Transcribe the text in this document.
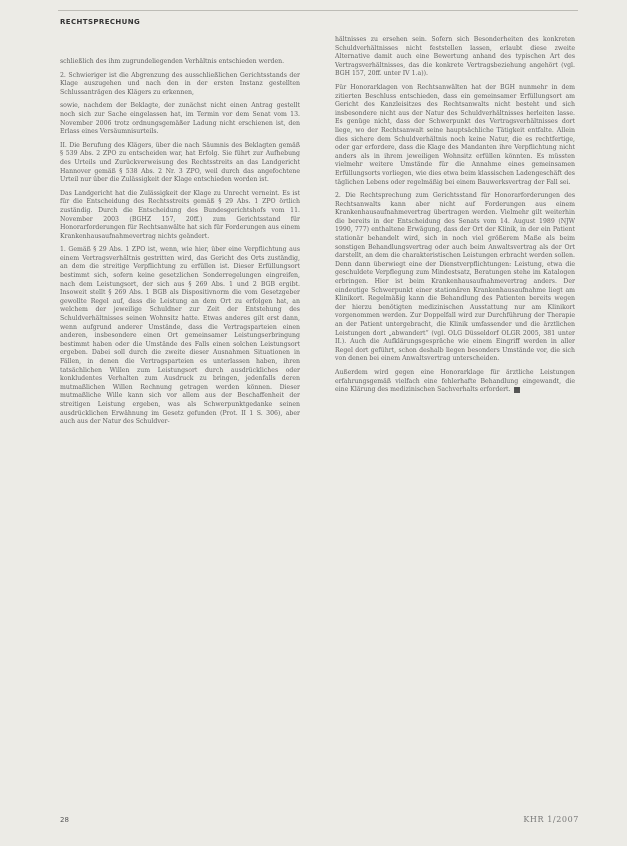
RECHTSPRECHUNG

schließlich des ihm zugrundeliegenden Verhältnis entschieden werden.

2. Schwieriger ist die Abgrenzung des ausschließlichen Gerichtsstands der Klage auszugehen und nach den in der ersten Instanz gestellten Schlussanträgen des Klägers zu erkennen,

sowie, nachdem der Beklagte, der zunächst nicht einen Antrag gestellt noch sich zur Sache eingelassen hat, im Termin vor dem Senat vom 13. November 2006 trotz ordnungsgemäßer Ladung nicht erschienen ist, den Erlass eines Versäumnisurteils.

II. Die Berufung des Klägers, über die nach Säumnis des Beklagten gemäß § 539 Abs. 2 ZPO zu entscheiden war, hat Erfolg. Sie führt zur Aufhebung des Urteils und Zurückverweisung des Rechtsstreits an das Landgericht Hannover gemäß § 538 Abs. 2 Nr. 3 ZPO, weil durch das angefochtene Urteil nur über die Zulässigkeit der Klage entschieden worden ist.

Das Landgericht hat die Zulässigkeit der Klage zu Unrecht verneint. Es ist für die Entscheidung des Rechtsstreits gemäß § 29 Abs. 1 ZPO örtlich zuständig. Durch die Entscheidung des Bundesgerichtshofs vom 11. November 2003 (BGHZ 157, 20ff.) zum Gerichtsstand für Honorarforderungen für Rechtsanwälte hat sich für Forderungen aus einem Krankenhausaufnahmevertrag nichts geändert.

1. Gemäß § 29 Abs. 1 ZPO ist, wenn, wie hier, über eine Verpflichtung aus einem Vertragsverhältnis gestritten wird, das Gericht des Orts zuständig, an dem die streitige Verpflichtung zu erfüllen ist. Dieser Erfüllungsort bestimmt sich, sofern keine gesetzlichen Sonderregelungen eingreifen, nach dem Leistungsort, der sich aus § 269 Abs. 1 und 2 BGB ergibt. Insoweit stellt § 269 Abs. 1 BGB als Dispositivnorm die vom Gesetzgeber gewollte Regel auf, dass die Leistung an dem Ort zu erfolgen hat, an welchem der jeweilige Schuldner zur Zeit der Entstehung des Schuldverhältnisses seinen Wohnsitz hatte. Etwas anderes gilt erst dann, wenn aufgrund anderer Umstände, dass die Vertragsparteien einen anderen, insbesondere einen Ort gemeinsamer Leistungserbringung bestimmt haben oder die Umstände des Falls einen solchen Leistungsort ergeben. Dabei soll durch die zweite dieser Ausnahmen Situationen in Fällen, in denen die Vertragsparteien es unterlassen haben, ihren tatsächlichen Willen zum Leistungsort durch ausdrückliches oder konkludentes Verhalten zum Ausdruck zu bringen, jedenfalls deren mutmaßlichen Willen Rechnung getragen werden können. Dieser mutmaßliche Wille kann sich vor allem aus der Beschaffenheit der streitigen Leistung ergeben, was als Schwerpunktgedanke seinen ausdrücklichen Erwähnung im Gesetz gefunden (Prot. II 1 S. 306), aber auch aus der Natur des Schuldver-

hältnisses zu ersehen sein. Sofern sich Besonderheiten des konkreten Schuldverhältnisses nicht feststellen lassen, erlaubt diese zweite Alternative damit auch eine Bewertung anhand des typischen Art des Vertragsverhältnisses, das die konkrete Vertragsbeziehung angehört (vgl. BGH 157, 20ff. unter IV 1.a)).

Für Honorarklagen von Rechtsanwälten hat der BGH nunmehr in dem zitierten Beschluss entschieden, dass ein gemeinsamer Erfüllungsort am Gericht des Kanzleisitzes des Rechtsanwalts nicht besteht und sich insbesondere nicht aus der Natur des Schuldverhältnisses herleiten lasse. Es genüge nicht, dass der Schwerpunkt des Vertragsverhältnisses dort liege, wo der Rechtsanwalt seine hauptsächliche Tätigkeit entfalte. Allein dies sichere dem Schuldverhältnis noch keine Natur, die es rechtfertige, oder gar erfordere, dass die Klage des Mandanten ihre Verpflichtung nicht anders als in ihrem jeweiligen Wohnsitz erfüllen könnten. Es müssten vielmehr weitere Umstände für die Annahme eines gemeinsamen Erfüllungsorts vorliegen, wie dies etwa beim klassischen Ladengeschäft des täglichen Lebens oder regelmäßig bei einem Bauwerksvertrag der Fall sei.

2. Die Rechtsprechung zum Gerichtsstand für Honorarforderungen des Rechtsanwalts kann aber nicht auf Forderungen aus einem Krankenhausaufnahmevertrag übertragen werden. Vielmehr gilt weiterhin die bereits in der Entscheidung des Senats vom 14. August 1989 (NJW 1990, 777) enthaltene Erwägung, dass der Ort der Klinik, in der ein Patient stationär behandelt wird, sich in noch viel größerem Maße als beim sonstigen Behandlungsvertrag oder auch beim Anwaltsvertrag als der Ort darstellt, an dem die charakteristischen Leistungen erbracht werden sollen. Denn dann überwiegt eine der Dienstverpflichtungen: Leistung, etwa die geschuldete Verpflegung zum Mindestsatz, Beratungen stehe im Katalogen erbringen. Hier ist beim Krankenhausaufnahmevertrag anders. Der eindeutige Schwerpunkt einer stationären Krankenhausaufnahme liegt am Klinikort. Regelmäßig kann die Behandlung des Patienten bereits wegen der hierzu benötigten medizinischen Ausstattung nur am Klinikort vorgenommen werden. Zur Doppelfall wird zur Durchführung der Therapie an der Patient untergebracht, die Klinik umfassender und die ärztlichen Leistungen dort „abwandert“ (vgl. OLG Düsseldorf OLGR 2005, 381 unter II.). Auch die Aufklärungsgespräche wie einem Eingriff werden in aller Regel dort geführt, schon deshalb liegen besonders Umstände vor, die sich von denen bei einem Anwaltsvertrag unterscheiden.

Außerdem wird gegen eine Honorarklage für ärztliche Leistungen erfahrungsgemäß vielfach eine fehlerhafte Behandlung eingewandt, die eine Klärung des medizinischen Sachverhalts erfordert.

28	KHR 1/2007
